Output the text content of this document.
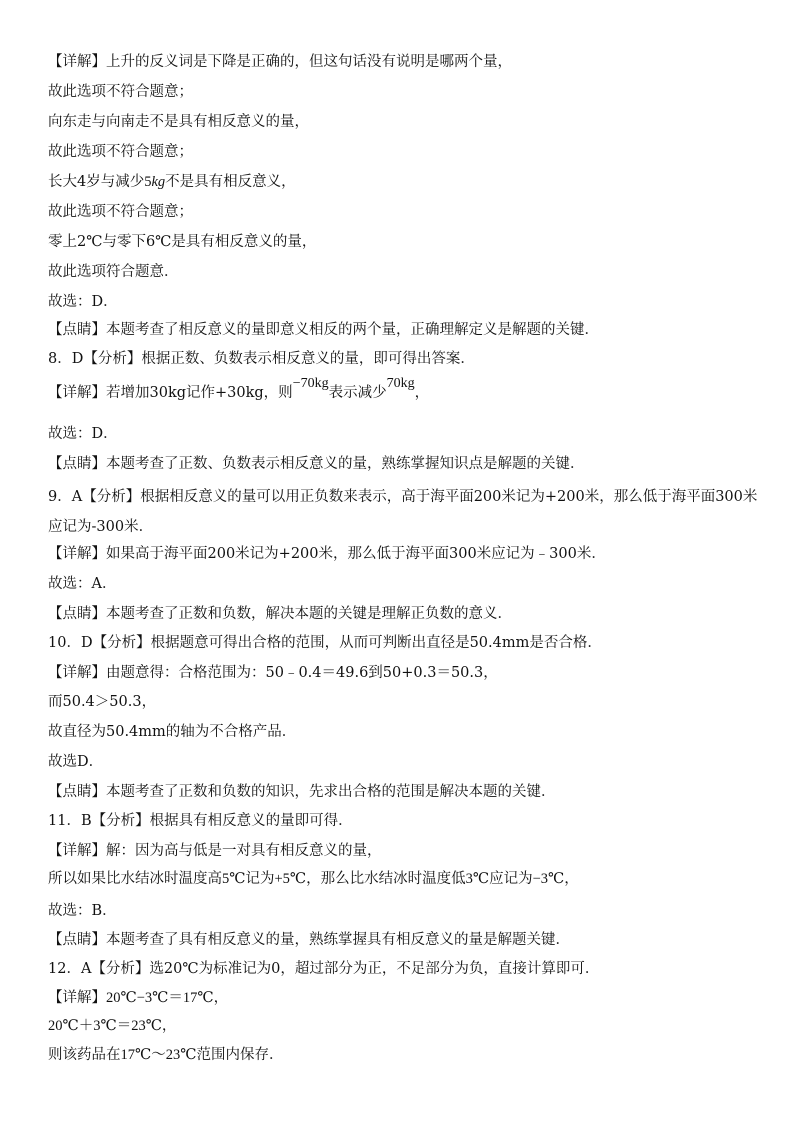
【详解】上升的反义词是下降是正确的，但这句话没有说明是哪两个量，
故此选项不符合题意；
向东走与向南走不是具有相反意义的量，
故此选项不符合题意；
长大4岁与减少5kg不是具有相反意义，
故此选项不符合题意；
零上2℃与零下6℃是具有相反意义的量，
故此选项符合题意．
故选：D．
【点睛】本题考查了相反意义的量即意义相反的两个量，正确理解定义是解题的关键．
8．D【分析】根据正数、负数表示相反意义的量，即可得出答案．
【详解】若增加30kg记作+30kg，则−70kg表示减少70kg，
故选：D．
【点睛】本题考查了正数、负数表示相反意义的量，熟练掌握知识点是解题的关键．
9．A【分析】根据相反意义的量可以用正负数来表示，高于海平面200米记为+200米，那么低于海平面300米应记为-300米．
【详解】如果高于海平面200米记为+200米，那么低于海平面300米应记为﹣300米．
故选：A．
【点睛】本题考查了正数和负数，解决本题的关键是理解正负数的意义．
10．D【分析】根据题意可得出合格的范围，从而可判断出直径是50.4mm是否合格．
【详解】由题意得：合格范围为：50﹣0.4＝49.6到50+0.3＝50.3，
而50.4＞50.3，
故直径为50.4mm的轴为不合格产品．
故选D．
【点睛】本题考查了正数和负数的知识，先求出合格的范围是解决本题的关键．
11．B【分析】根据具有相反意义的量即可得．
【详解】解：因为高与低是一对具有相反意义的量，
所以如果比水结冰时温度高5℃记为+5℃，那么比水结冰时温度低3℃应记为−3℃，
故选：B．
【点睛】本题考查了具有相反意义的量，熟练掌握具有相反意义的量是解题关键．
12．A【分析】选20℃为标准记为0，超过部分为正，不足部分为负，直接计算即可．
【详解】20℃−3℃＝17℃，
20℃＋3℃＝23℃，
则该药品在17℃～23℃范围内保存．
